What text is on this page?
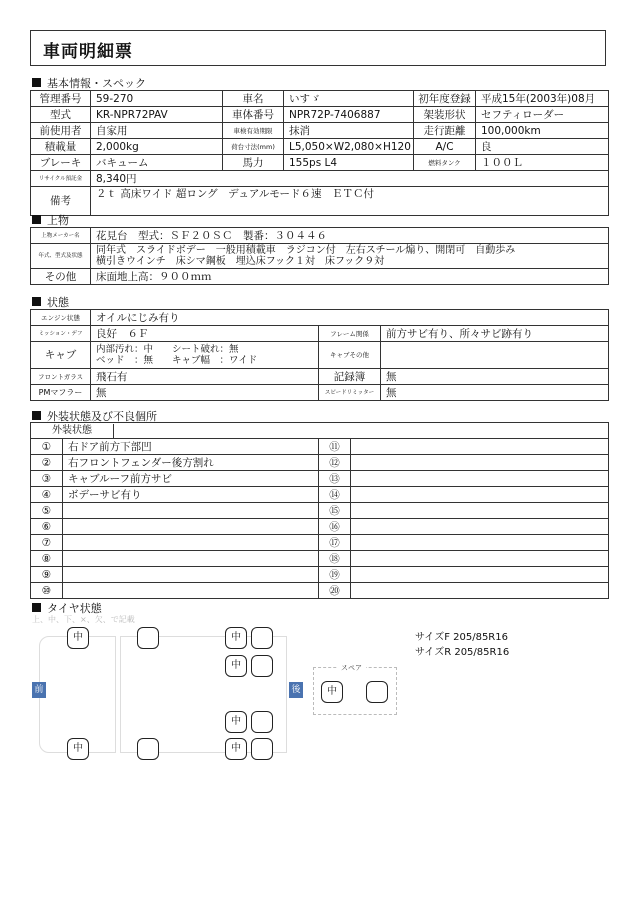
車両明細票
基本情報・スペック
管理番号	59-270	車名	いすゞ	初年度登録	平成15年(2003年)08月
型式	KR-NPR72PAV	車体番号	NPR72P-7406887	架装形状	セフティローダー
前使用者	自家用	車検有効期限	抹消	走行距離	100,000km
積載量	2,000kg	荷台寸法(mm)	L5,050×W2,080×H120	A/C	良
ブレーキ	バキューム	馬力	155ps L4	燃料タンク	１００Ｌ
リサイクル預託金	8,340円				
備考	２ｔ 高床ワイド 超ロング　デュアルモード６速　ＥＴＣ付				
上物
上物メーカー名	花見台　型式：ＳＦ２０ＳＣ　製番：３０４４６
年式、型式及状態	同年式　スライドボデー　一般用積載車　ラジコン付　左右スチール煽り、開閉可　自動歩み
横引きウインチ　床シマ鋼板　埋込床フック１対　床フック９対

その他	床面地上高：９００ｍｍ
状態
エンジン状態	オイルにじみ有り		
ミッション・デフ	良好　６Ｆ	フレーム関係	前方サビ有り、所々サビ跡有り
キャブ	内部汚れ：中　　シート破れ：無
ベッド　：無　　キャブ幅　：ワイド	キャブその他	
フロントガラス	飛石有	記録簿	無
PMマフラー	無	スピードリミッター	無
外装状態及び不良個所
外装状態			
①	右ドア前方下部凹	⑪	
②	右フロントフェンダー後方割れ	⑫	
③	キャブルーフ前方サビ	⑬	
④	ボデーサビ有り	⑭	
⑤		⑮	
⑥		⑯	
⑦		⑰	
⑧		⑱	
⑨		⑲	
⑩		⑳	
タイヤ状態
上、中、下、×、欠、で記載
前	後
中
中
中
中
中
中
スペア
中
サイズF 205/85R16
サイズR 205/85R16
